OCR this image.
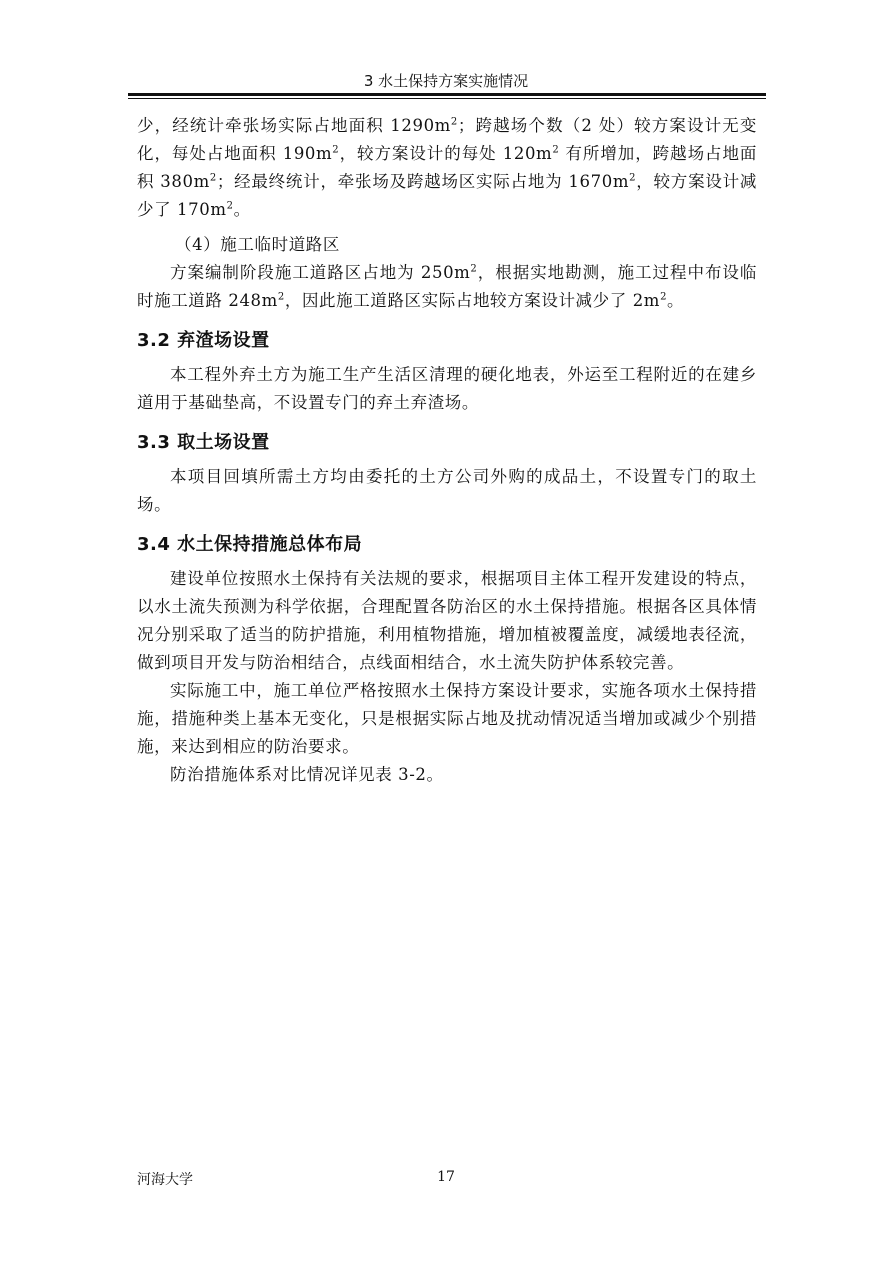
3 水土保持方案实施情况

少，经统计牵张场实际占地面积 $1290m^2$；跨越场个数（2 处）较方案设计无变化，每处占地面积 $190m^2$，较方案设计的每处 $120m^2$ 有所增加，跨越场占地面积 $380m^2$；经最终统计，牵张场及跨越场区实际占地为 $1670m^2$，较方案设计减少了 $170m^2$。

（4）施工临时道路区

方案编制阶段施工道路区占地为 $250m^2$，根据实地勘测，施工过程中布设临时施工道路 $248m^2$，因此施工道路区实际占地较方案设计减少了 $2m^2$。

3.2 弃渣场设置

本工程外弃土方为施工生产生活区清理的硬化地表，外运至工程附近的在建乡道用于基础垫高，不设置专门的弃土弃渣场。

3.3 取土场设置

本项目回填所需土方均由委托的土方公司外购的成品土，不设置专门的取土场。

3.4 水土保持措施总体布局

建设单位按照水土保持有关法规的要求，根据项目主体工程开发建设的特点，以水土流失预测为科学依据，合理配置各防治区的水土保持措施。根据各区具体情况分别采取了适当的防护措施，利用植物措施，增加植被覆盖度，减缓地表径流，做到项目开发与防治相结合，点线面相结合，水土流失防护体系较完善。

实际施工中，施工单位严格按照水土保持方案设计要求，实施各项水土保持措施，措施种类上基本无变化，只是根据实际占地及扰动情况适当增加或减少个别措施，来达到相应的防治要求。

防治措施体系对比情况详见表 3-2。

河海大学	17
